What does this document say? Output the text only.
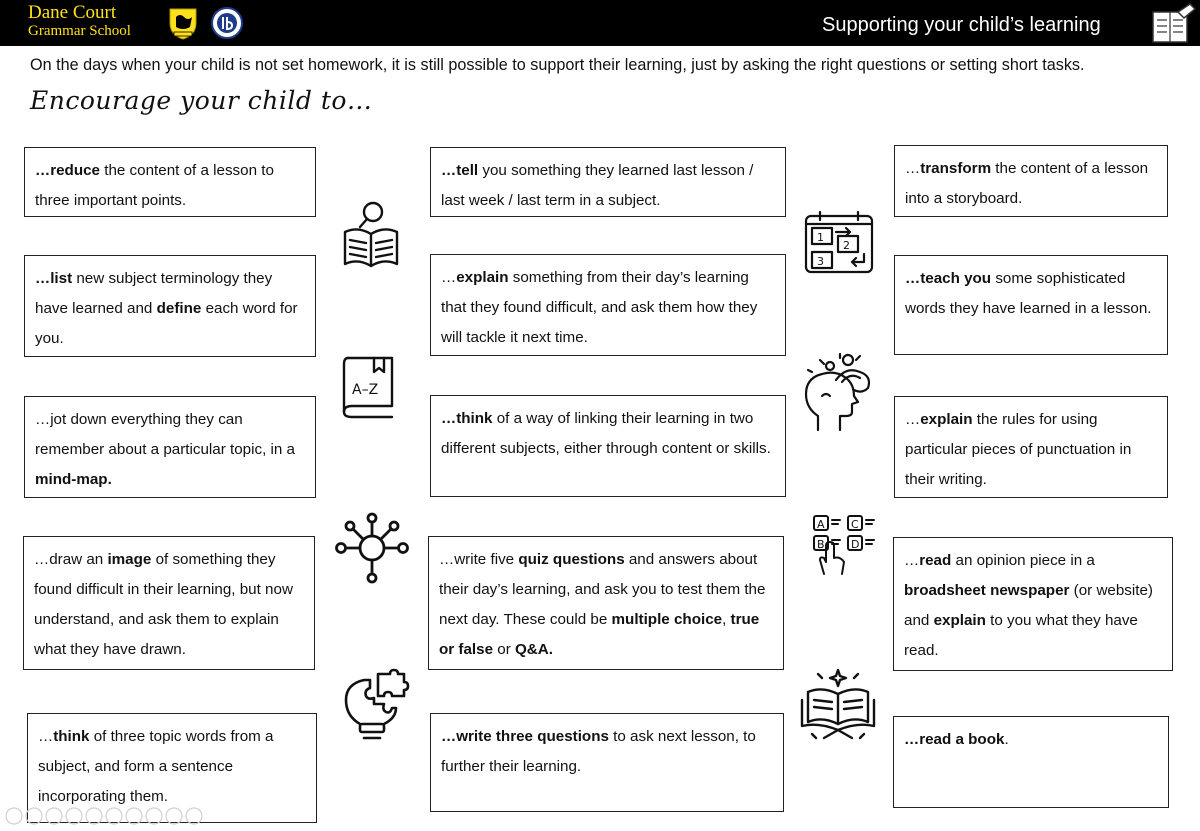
Dane Court
Grammar School	Supporting your child’s learning
On the days when your child is not set homework, it is still possible to support their learning, just by asking the right questions or setting short tasks.
Encourage your child to…
…reduce the content of a lesson to three important points.
…list new subject terminology they have learned and define each word for you.
…jot down everything they can remember about a particular topic, in a mind-map.
…draw an image of something they found difficult in their learning, but now understand, and ask them to explain what they have drawn.
…think of three topic words from a subject, and form a sentence incorporating them.
…tell you something they learned last lesson / last week / last term in a subject.
…explain something from their day’s learning that they found difficult, and ask them how they will tackle it next time.
…think of a way of linking their learning in two different subjects, either through content or skills.
…write five quiz questions and answers about their day’s learning, and ask you to test them the next day. These could be multiple choice, true or false or Q&A.
…write three questions to ask next lesson, to further their learning.
…transform the content of a lesson into a storyboard.
…teach you some sophisticated words they have learned in a lesson.
…explain the rules for using particular pieces of punctuation in their writing.
…read an opinion piece in a broadsheet newspaper (or website) and explain to you what they have read.
…read a book.
1
2
3
A–Z
A C
B D
